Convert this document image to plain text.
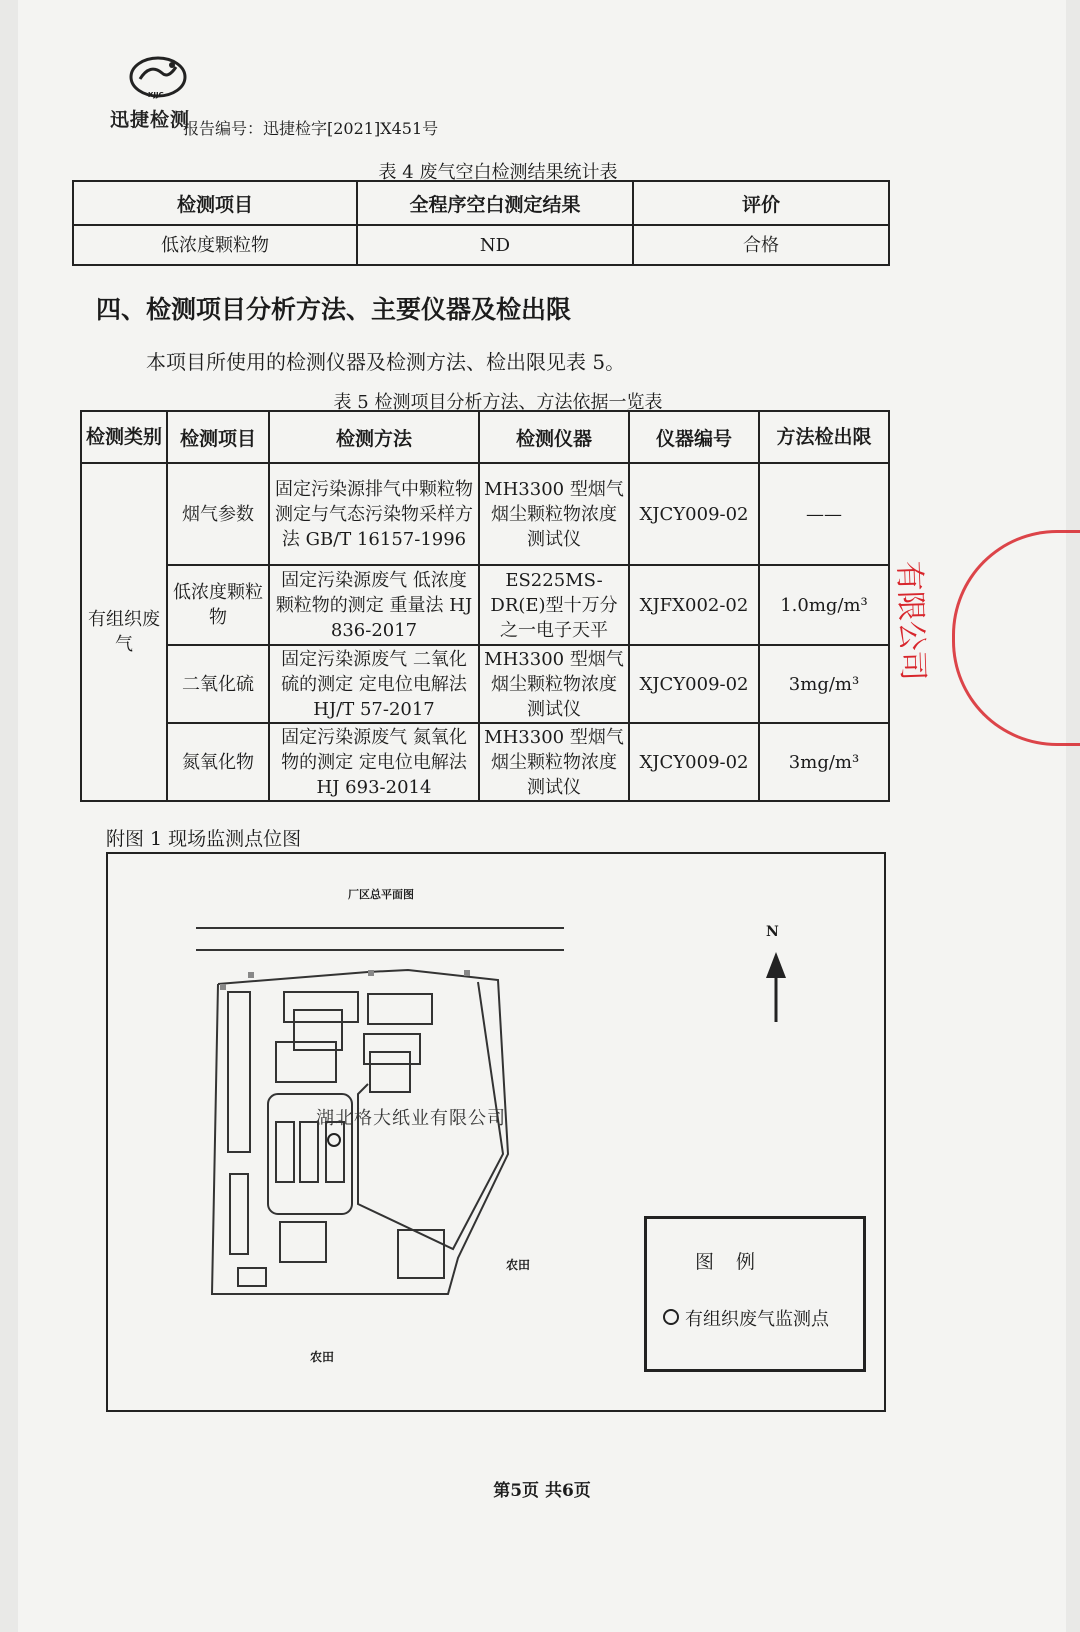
XJJC
迅捷检测
报告编号：迅捷检字[2021]X451号
表 4 废气空白检测结果统计表
检测项目	全程序空白测定结果	评价
低浓度颗粒物	ND	合格
四、检测项目分析方法、主要仪器及检出限
本项目所使用的检测仪器及检测方法、检出限见表 5。
表 5 检测项目分析方法、方法依据一览表
检测类别	检测项目	检测方法	检测仪器	仪器编号	方法检出限
有组织废气	烟气参数	固定污染源排气中颗粒物测定与气态污染物采样方法 GB/T 16157-1996	MH3300 型烟气烟尘颗粒物浓度测试仪	XJCY009-02	——
	低浓度颗粒物	固定污染源废气 低浓度颗粒物的测定 重量法 HJ 836-2017	ES225MS-DR(E)型十万分之一电子天平	XJFX002-02	1.0mg/m³
	二氧化硫	固定污染源废气 二氧化硫的测定 定电位电解法 HJ/T 57-2017	MH3300 型烟气烟尘颗粒物浓度测试仪	XJCY009-02	3mg/m³
	氮氧化物	固定污染源废气 氮氧化物的测定 定电位电解法 HJ 693-2014	MH3300 型烟气烟尘颗粒物浓度测试仪	XJCY009-02	3mg/m³
附图 1 现场监测点位图
厂区总平面图
N
湖北格大纸业有限公司
农田
农田
图例
有组织废气监测点
有限公司
第5页 共6页
